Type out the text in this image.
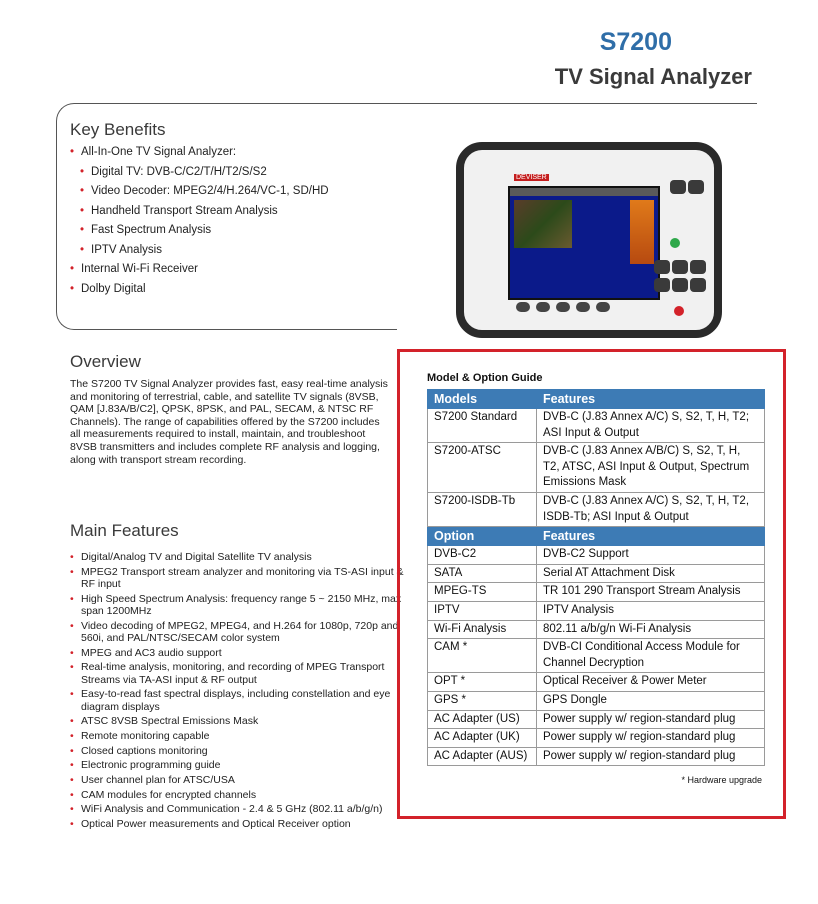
S7200
TV Signal Analyzer
Key Benefits
• All-In-One TV Signal Analyzer:
• Digital TV: DVB-C/C2/T/H/T2/S/S2
• Video Decoder: MPEG2/4/H.264/VC-1, SD/HD
• Handheld Transport Stream Analysis
• Fast Spectrum Analysis
• IPTV Analysis
• Internal Wi-Fi Receiver
• Dolby Digital
DEVISER
Overview
The S7200 TV Signal Analyzer provides fast, easy real-time analysis and monitoring of terrestrial, cable, and satellite TV signals (8VSB, QAM [J.83A/B/C2], QPSK, 8PSK, and PAL, SECAM, & NTSC RF Channels). The range of capabilities offered by the S7200 includes all measurements required to install, maintain, and troubleshoot 8VSB transmitters and includes complete RF analysis and logging, along with transport stream recording.
Main Features
• Digital/Analog TV and Digital Satellite TV analysis
• MPEG2 Transport stream analyzer and monitoring via TS-ASI input & RF input
• High Speed Spectrum Analysis: frequency range 5 ~ 2150 MHz, max span 1200MHz
• Video decoding of MPEG2, MPEG4, and H.264 for 1080p, 720p and 560i, and PAL/NTSC/SECAM color system
• MPEG and AC3 audio support
• Real-time analysis, monitoring, and recording of MPEG Transport Streams via TA-ASI input & RF output
• Easy-to-read fast spectral displays, including constellation and eye diagram displays
• ATSC 8VSB Spectral Emissions Mask
• Remote monitoring capable
• Closed captions monitoring
• Electronic programming guide
• User channel plan for ATSC/USA
• CAM modules for encrypted channels
• WiFi Analysis and Communication - 2.4 & 5 GHz (802.11 a/b/g/n)
• Optical Power measurements and Optical Receiver option
Model & Option Guide
Models	Features
S7200 Standard	DVB-C (J.83 Annex A/C) S, S2, T, H, T2; ASI Input & Output
S7200-ATSC	DVB-C (J.83 Annex A/B/C) S, S2, T, H, T2, ATSC, ASI Input & Output, Spectrum Emissions Mask
S7200-ISDB-Tb	DVB-C (J.83 Annex A/C) S, S2, T, H, T2, ISDB-Tb; ASI Input & Output
Option	Features
DVB-C2	DVB-C2 Support
SATA	Serial AT Attachment Disk
MPEG-TS	TR 101 290 Transport Stream Analysis
IPTV	IPTV Analysis
Wi-Fi Analysis	802.11 a/b/g/n Wi-Fi Analysis
CAM *	DVB-CI Conditional Access Module for Channel Decryption
OPT *	Optical Receiver & Power Meter
GPS *	GPS Dongle
AC Adapter (US)	Power supply w/ region-standard plug
AC Adapter (UK)	Power supply w/ region-standard plug
AC Adapter (AUS)	Power supply w/ region-standard plug
* Hardware upgrade
